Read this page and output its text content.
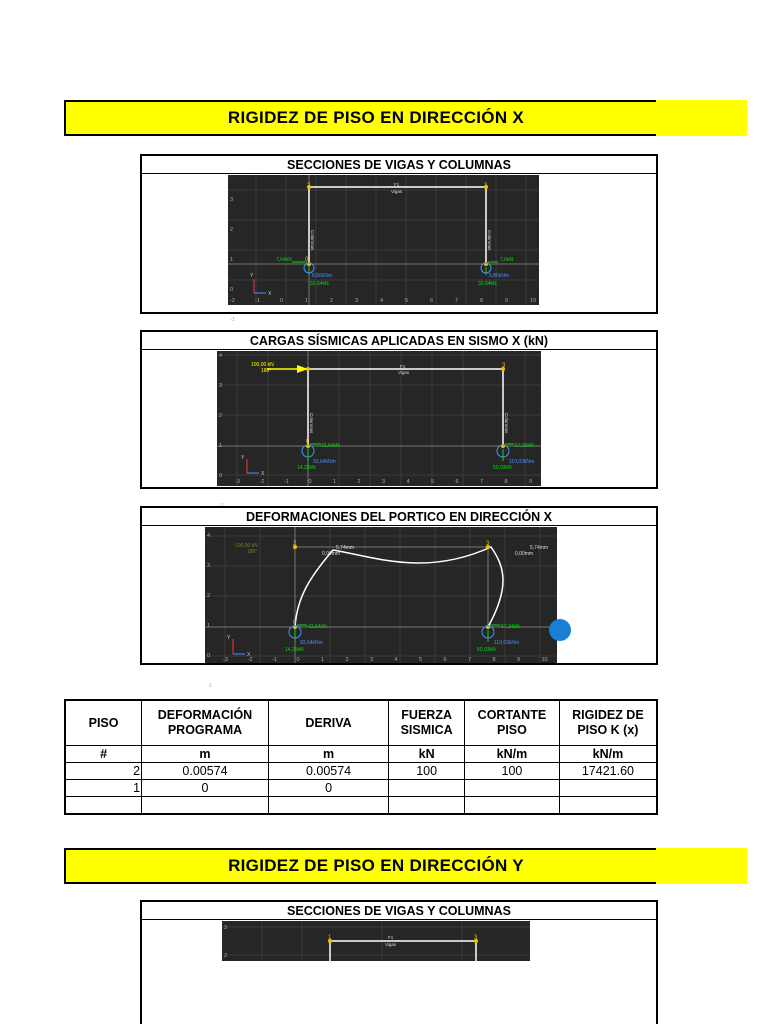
RIGIDEZ DE PISO EN DIRECCIÓN X
SECCIONES DE VIGAS Y COLUMNAS
2	3
0
F1
Vigas
Columnas	Columnas
7,64kN	7,6kN
32,64kN	32,64kN
8,66kNm	5,86kNm
Y
X
-2	-1	0	1	2	3	4	5	6	7	8	9	10
3
2
1
0
-1
CARGAS SÍSMICAS APLICADAS EN SISMO X (kN)
100,00 kN
180°
3
0
F1
Vigas
Columnas	Columnas
42,64kN	57,36kN
14,25kN	50,03kN
93,64kNm	110,03kNm
Y
X
-3	-2	-1	0	1	2	3	4	5	6	7	8	9
4
3
2
1
0
DEFORMACIONES DEL PORTICO EN DIRECCIÓN X
100,00 kN
180°
2	3
0
5,74mm
0,00mm
5,74mm
0,00mm
42,64kN	57,34kN
14,25kN	50,03kN
93,64kNm	110,03kNm
Y
X
-3	-2	-1	0	1	2	3	4	5	6	7	8	9	10
4
3
2
1
0
-1
PISO	DEFORMACIÓN PROGRAMA	DERIVA	FUERZA SISMICA	CORTANTE PISO	RIGIDEZ DE PISO K (x)
#	m	m	kN	kN/m	kN/m
2	0.00574	0.00574	100	100	17421.60
1	0	0			

RIGIDEZ DE PISO EN DIRECCIÓN Y
SECCIONES DE VIGAS Y COLUMNAS
1	3
F1
Vigas
3
2
